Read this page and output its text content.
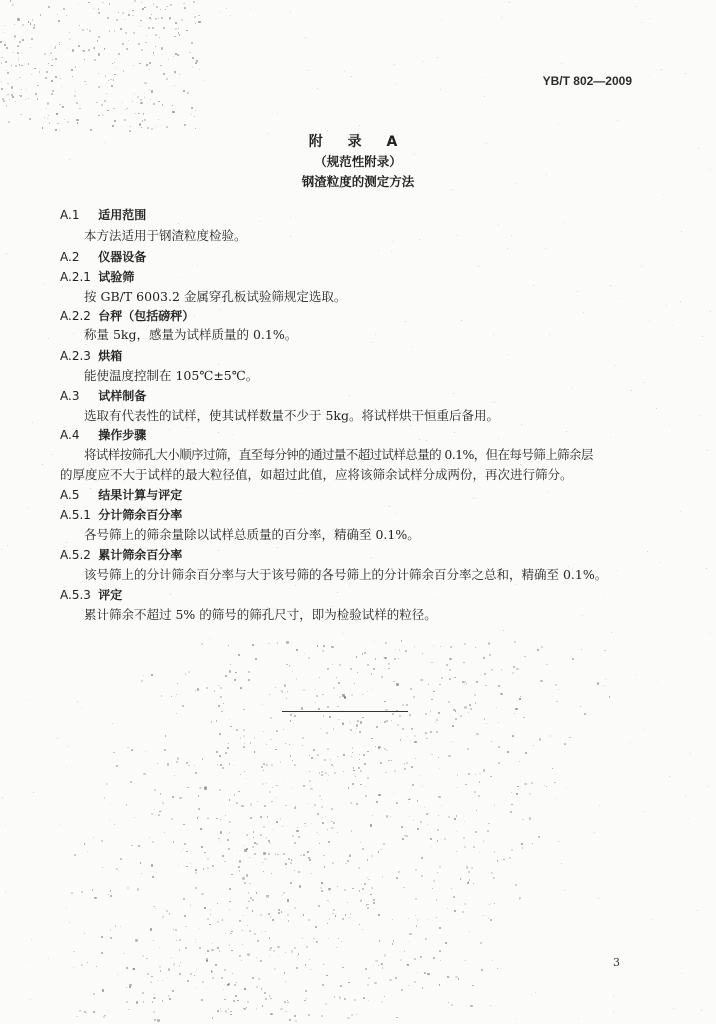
YB/T 802—2009
附 录 A
（规范性附录）
钢渣粒度的测定方法
A.1 适用范围
本方法适用于钢渣粒度检验。
A.2 仪器设备
A.2.1 试验筛
按 GB/T 6003.2 金属穿孔板试验筛规定选取。
A.2.2 台秤（包括磅秤）
称量 5kg，感量为试样质量的 0.1%。
A.2.3 烘箱
能使温度控制在 105℃±5℃。
A.3 试样制备
选取有代表性的试样，使其试样数量不少于 5kg。将试样烘干恒重后备用。
A.4 操作步骤
将试样按筛孔大小顺序过筛，直至每分钟的通过量不超过试样总量的 0.1%，但在每号筛上筛余层
的厚度应不大于试样的最大粒径值，如超过此值，应将该筛余试样分成两份，再次进行筛分。
A.5 结果计算与评定
A.5.1 分计筛余百分率
各号筛上的筛余量除以试样总质量的百分率，精确至 0.1%。
A.5.2 累计筛余百分率
该号筛上的分计筛余百分率与大于该号筛的各号筛上的分计筛余百分率之总和，精确至 0.1%。
A.5.3 评定
累计筛余不超过 5% 的筛号的筛孔尺寸，即为检验试样的粒径。
3
